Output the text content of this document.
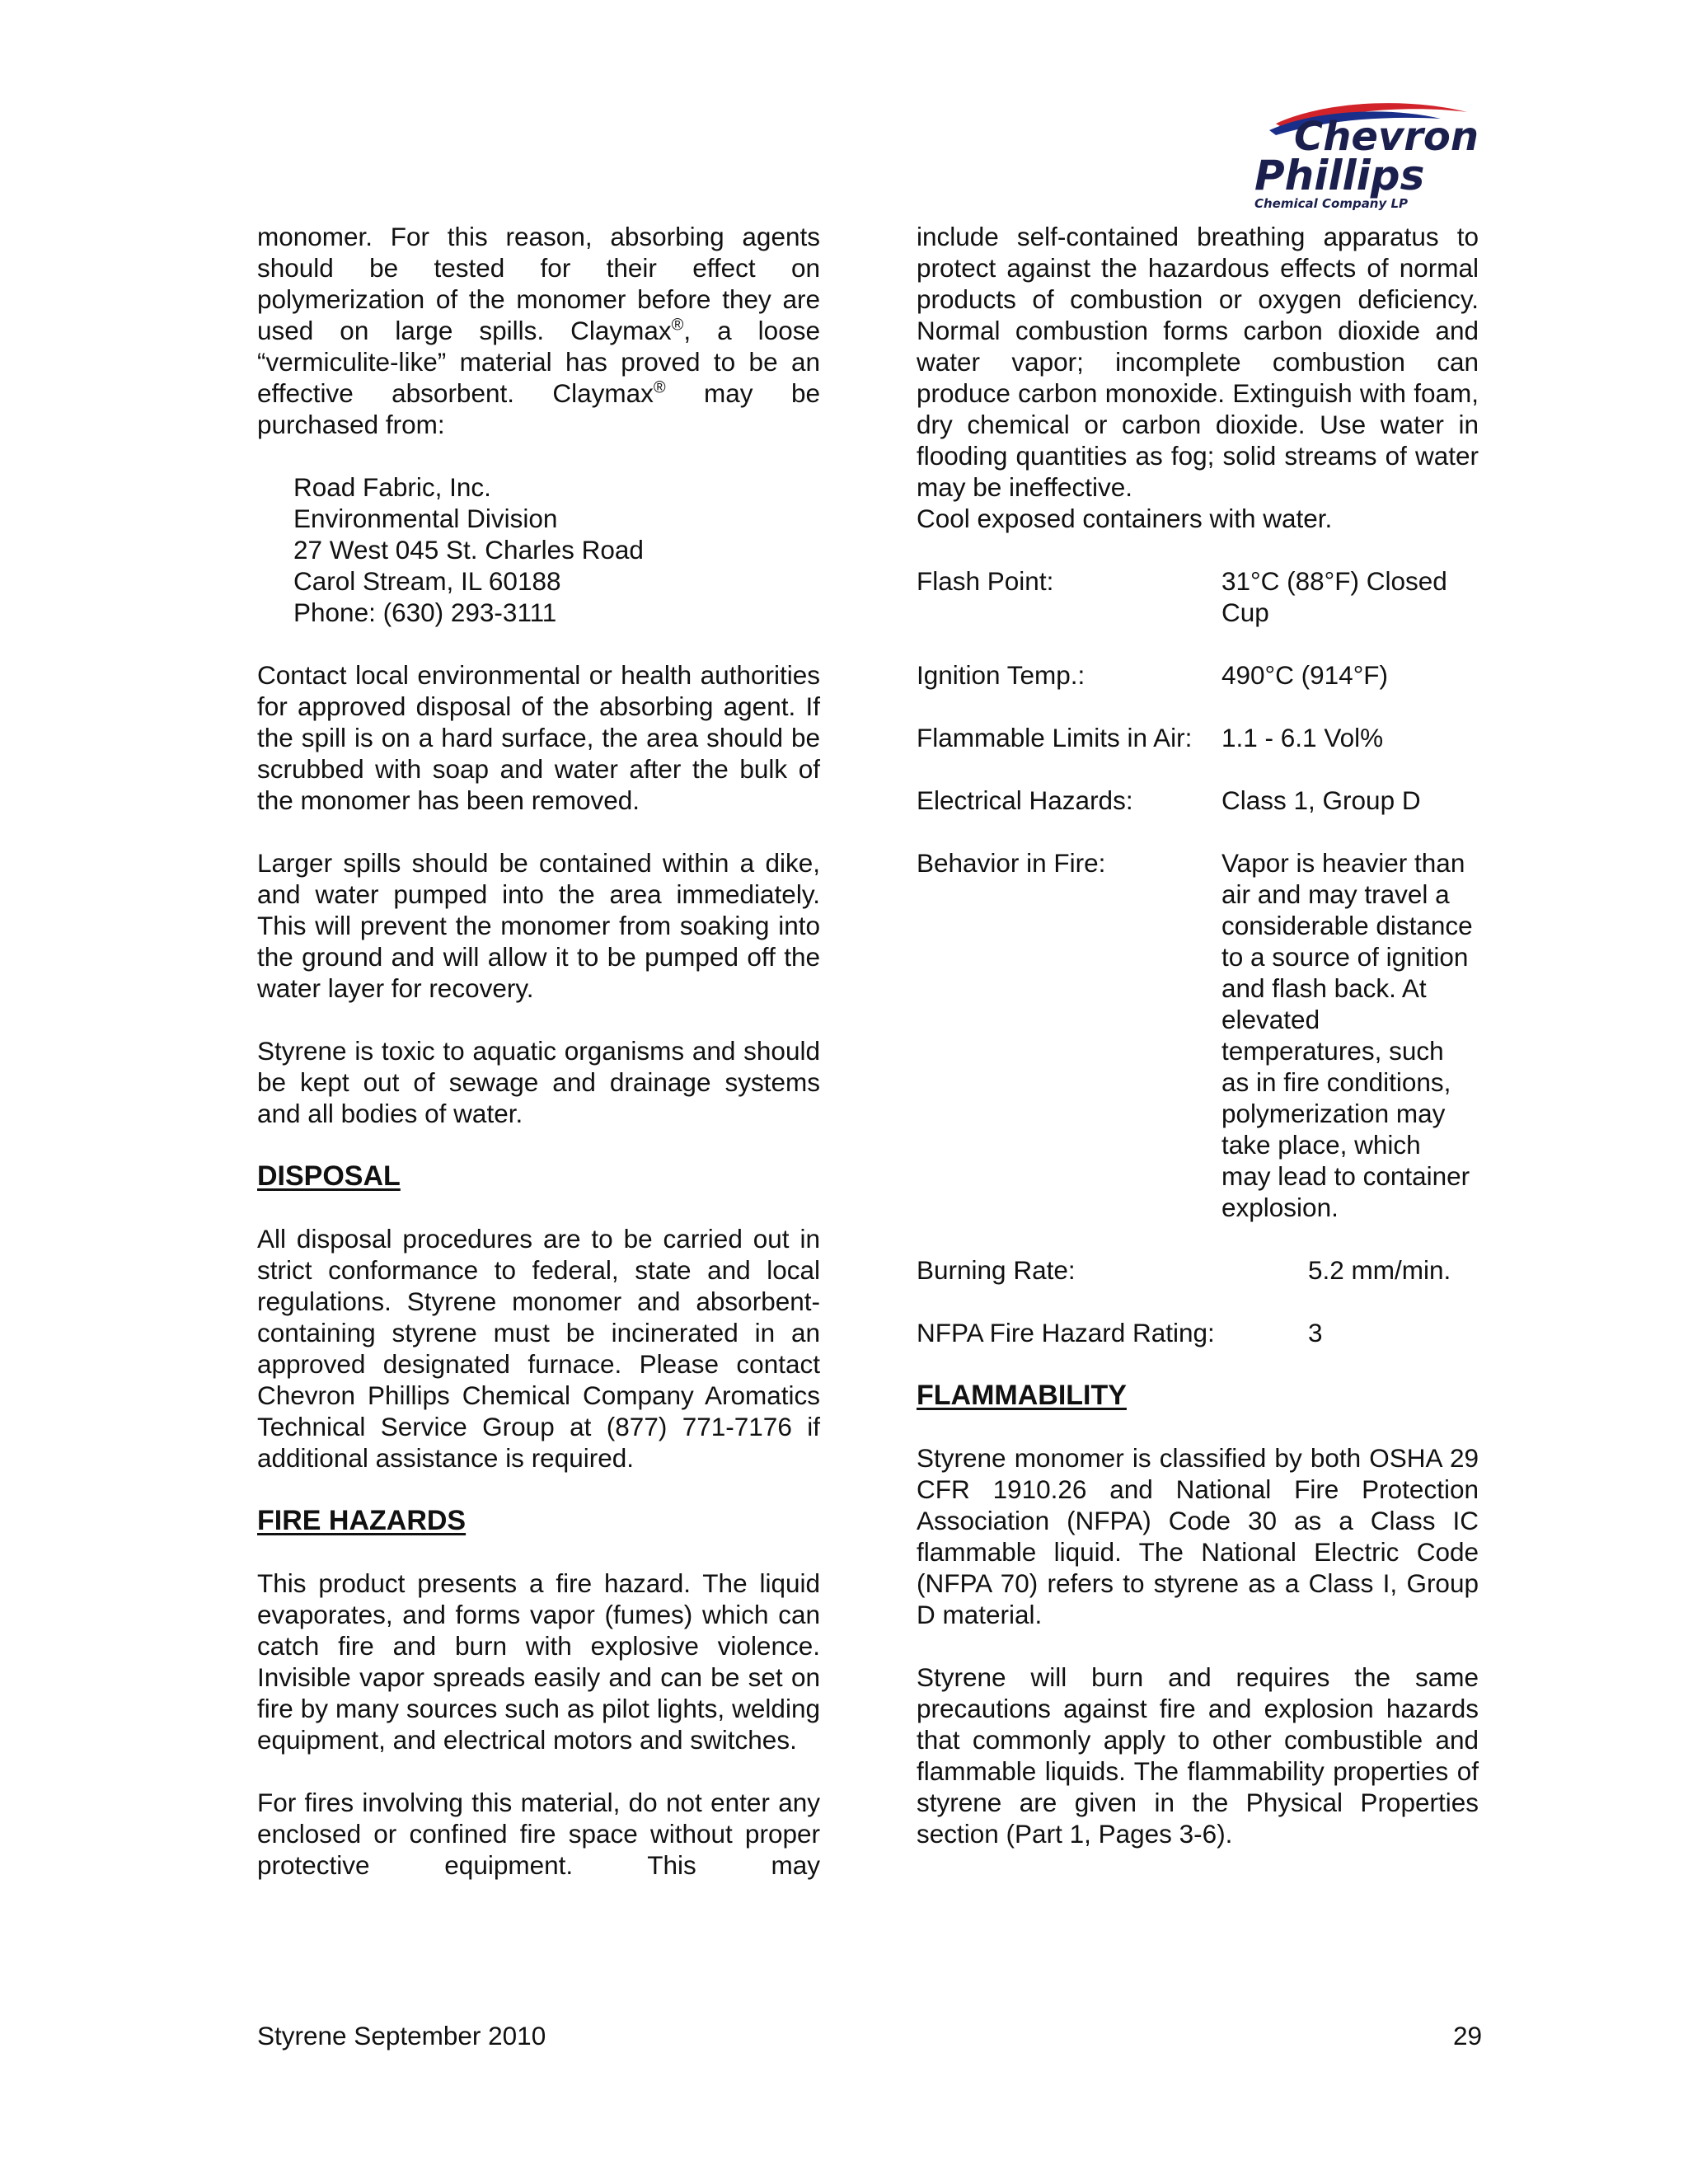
Chevron
Phillips
Chemical Company LP

monomer. For this reason, absorbing agents should be tested for their effect on polymerization of the monomer before they are used on large spills. Claymax®, a loose “vermiculite-like” material has proved to be an effective absorbent. Claymax® may be purchased from:

Road Fabric, Inc.
Environmental Division
27 West 045 St. Charles Road
Carol Stream, IL 60188
Phone: (630) 293-3111

Contact local environmental or health authorities for approved disposal of the absorbing agent. If the spill is on a hard surface, the area should be scrubbed with soap and water after the bulk of the monomer has been removed.

Larger spills should be contained within a dike, and water pumped into the area immediately. This will prevent the monomer from soaking into the ground and will allow it to be pumped off the water layer for recovery.

Styrene is toxic to aquatic organisms and should be kept out of sewage and drainage systems and all bodies of water.

DISPOSAL

All disposal procedures are to be carried out in strict conformance to federal, state and local regulations. Styrene monomer and absorbent-containing styrene must be incinerated in an approved designated furnace. Please contact Chevron Phillips Chemical Company Aromatics Technical Service Group at (877) 771-7176 if additional assistance is required.

FIRE HAZARDS

This product presents a fire hazard. The liquid evaporates, and forms vapor (fumes) which can catch fire and burn with explosive violence. Invisible vapor spreads easily and can be set on fire by many sources such as pilot lights, welding equipment, and electrical motors and switches.

For fires involving this material, do not enter any enclosed or confined fire space without proper protective equipment. This may

include self-contained breathing apparatus to protect against the hazardous effects of normal products of combustion or oxygen deficiency. Normal combustion forms carbon dioxide and water vapor; incomplete combustion can produce carbon monoxide. Extinguish with foam, dry chemical or carbon dioxide. Use water in flooding quantities as fog; solid streams of water may be ineffective.
Cool exposed containers with water.

Flash Point:	31°C (88°F) Closed Cup
Ignition Temp.:	490°C (914°F)
Flammable Limits in Air:	1.1 - 6.1 Vol%
Electrical Hazards:	Class 1, Group D
Behavior in Fire:	Vapor is heavier than air and may travel a considerable distance to a source of ignition and flash back. At elevated temperatures, such as in fire conditions, polymerization may take place, which may lead to container explosion.
Burning Rate:	5.2 mm/min.
NFPA Fire Hazard Rating:	3
FLAMMABILITY

Styrene monomer is classified by both OSHA 29 CFR 1910.26 and National Fire Protection Association (NFPA) Code 30 as a Class IC flammable liquid. The National Electric Code (NFPA 70) refers to styrene as a Class I, Group D material.

Styrene will burn and requires the same precautions against fire and explosion hazards that commonly apply to other combustible and flammable liquids. The flammability properties of styrene are given in the Physical Properties section (Part 1, Pages 3-6).

Styrene September 2010	29
